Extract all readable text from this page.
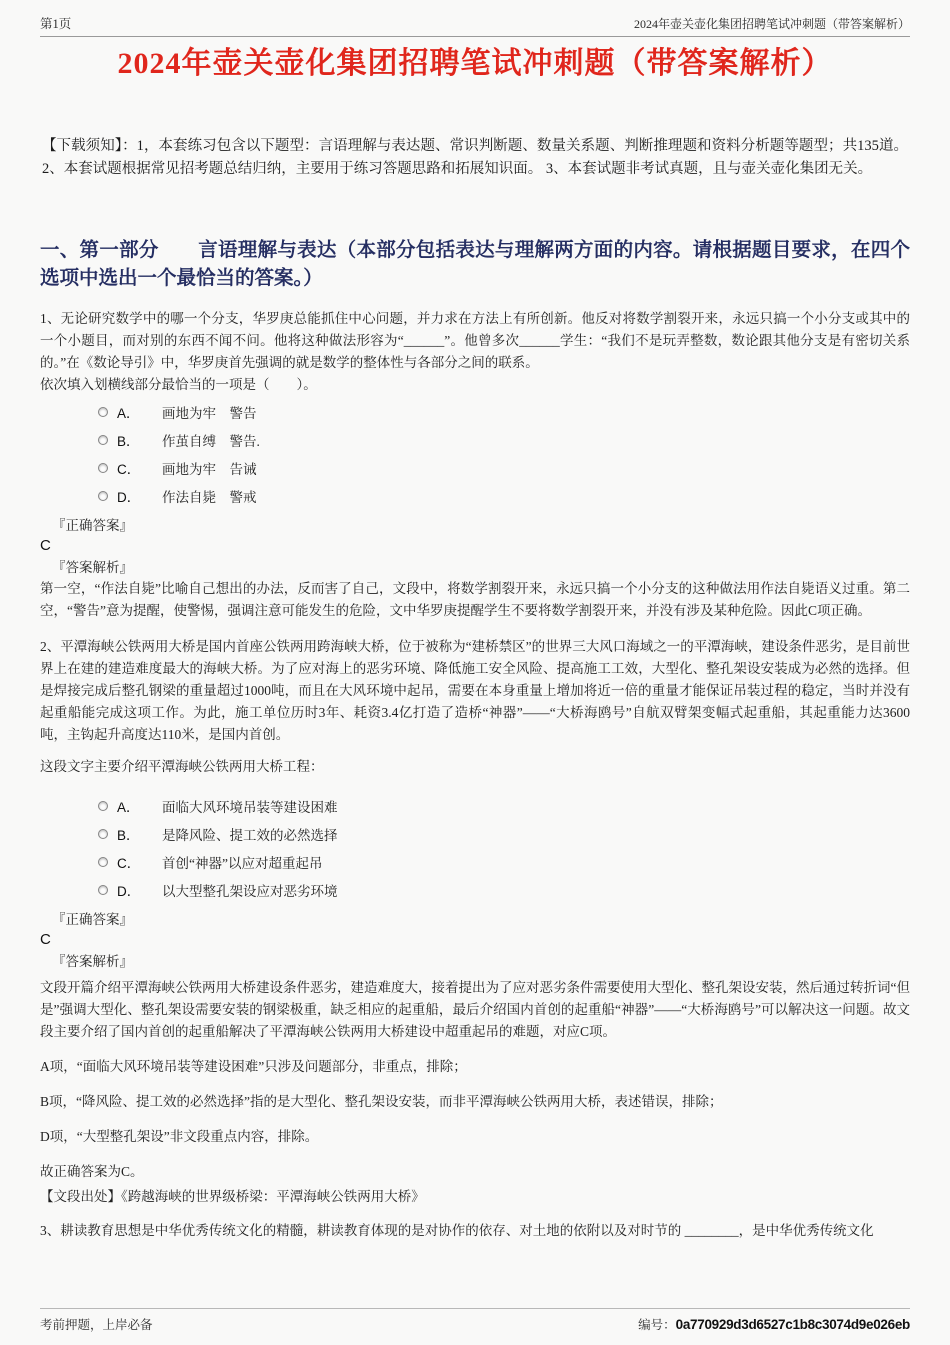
第1页	2024年壶关壶化集团招聘笔试冲刺题（带答案解析）
2024年壶关壶化集团招聘笔试冲刺题（带答案解析）

【下载须知】：1，本套练习包含以下题型：言语理解与表达题、常识判断题、数量关系题、判断推理题和资料分析题等题型；共135道。2、本套试题根据常见招考题总结归纳，主要用于练习答题思路和拓展知识面。 3、本套试题非考试真题，且与壶关壶化集团无关。

一、第一部分　　言语理解与表达（本部分包括表达与理解两方面的内容。请根据题目要求，在四个选项中选出一个最恰当的答案。）

1、无论研究数学中的哪一个分支，华罗庚总能抓住中心问题，并力求在方法上有所创新。他反对将数学割裂开来，永远只搞一个小分支或其中的一个小题目，而对别的东西不闻不问。他将这种做法形容为“______”。他曾多次______学生：“我们不是玩弄整数，数论跟其他分支是有密切关系的。”在《数论导引》中，华罗庚首先强调的就是数学的整体性与各部分之间的联系。

依次填入划横线部分最恰当的一项是（　　）。

A．	画地为牢　警告
B．	作茧自缚　警告.
C．	画地为牢　告诫
D．	作法自毙　警戒

『正确答案』

C

『答案解析』

第一空，“作法自毙”比喻自己想出的办法，反而害了自己，文段中，将数学割裂开来，永远只搞一个小分支的这种做法用作法自毙语义过重。第二空，“警告”意为提醒，使警惕，强调注意可能发生的危险，文中华罗庚提醒学生不要将数学割裂开来，并没有涉及某种危险。因此C项正确。

2、平潭海峡公铁两用大桥是国内首座公铁两用跨海峡大桥，位于被称为“建桥禁区”的世界三大风口海域之一的平潭海峡，建设条件恶劣，是目前世界上在建的建造难度最大的海峡大桥。为了应对海上的恶劣环境、降低施工安全风险、提高施工工效，大型化、整孔架设安装成为必然的选择。但是焊接完成后整孔钢梁的重量超过1000吨，而且在大风环境中起吊，需要在本身重量上增加将近一倍的重量才能保证吊装过程的稳定，当时并没有起重船能完成这项工作。为此，施工单位历时3年、耗资3.4亿打造了造桥“神器”——“大桥海鸥号”自航双臂架变幅式起重船，其起重能力达3600吨，主钩起升高度达110米，是国内首创。

这段文字主要介绍平潭海峡公铁两用大桥工程：

A．	面临大风环境吊装等建设困难
B．	是降风险、提工效的必然选择
C．	首创“神器”以应对超重起吊
D．	以大型整孔架设应对恶劣环境

『正确答案』

C

『答案解析』

文段开篇介绍平潭海峡公铁两用大桥建设条件恶劣，建造难度大，接着提出为了应对恶劣条件需要使用大型化、整孔架设安装，然后通过转折词“但是”强调大型化、整孔架设需要安装的钢梁极重，缺乏相应的起重船，最后介绍国内首创的起重船“神器”——“大桥海鸥号”可以解决这一问题。故文段主要介绍了国内首创的起重船解决了平潭海峡公铁两用大桥建设中超重起吊的难题，对应C项。

A项，“面临大风环境吊装等建设困难”只涉及问题部分，非重点，排除；

B项，“降风险、提工效的必然选择”指的是大型化、整孔架设安装，而非平潭海峡公铁两用大桥，表述错误，排除；

D项，“大型整孔架设”非文段重点内容，排除。

故正确答案为C。

【文段出处】《跨越海峡的世界级桥梁：平潭海峡公铁两用大桥》

3、耕读教育思想是中华优秀传统文化的精髓，耕读教育体现的是对协作的依存、对土地的依附以及对时节的 ________，是中华优秀传统文化

考前押题，上岸必备	编号：0a770929d3d6527c1b8c3074d9e026eb
